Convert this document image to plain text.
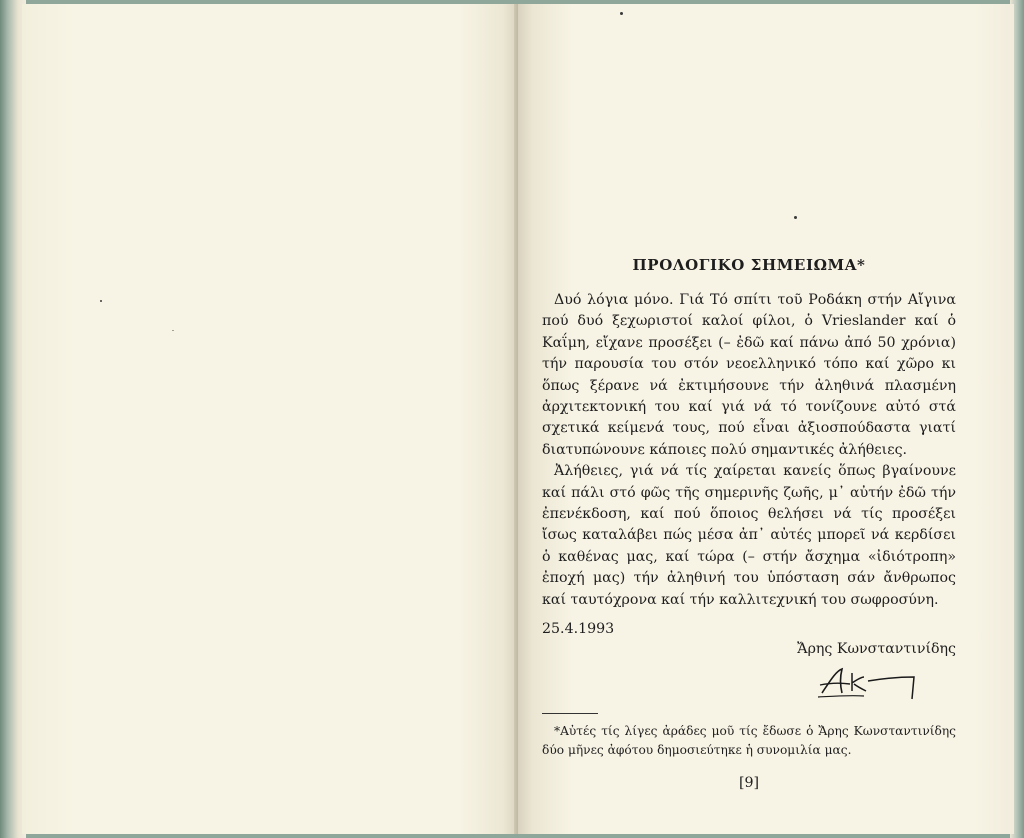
ΠΡΟΛΟΓΙΚΟ ΣΗΜΕΙΩΜΑ*

Δυό λόγια μόνο. Γιά Τό σπίτι τοῦ Ροδάκη στήν Αἴγινα πού δυό ξεχωριστοί καλοί φίλοι, ὁ Vrieslander καί ὁ Καΐμη, εἴχανε προσέξει (– ἐδῶ καί πάνω ἀπό 50 χρόνια) τήν παρουσία του στόν νεοελληνικό τόπο καί χῶρο κι ὅπως ξέρανε νά ἐκτιμήσουνε τήν ἀληθινά πλασμένη ἀρχιτεκτονική του καί γιά νά τό τονίζουνε αὐτό στά σχετικά κείμενά τους, πού εἶναι ἀξιοσπούδαστα γιατί διατυπώνουνε κάποιες πολύ σημαντικές ἀλήθειες.

Ἀλήθειες, γιά νά τίς χαίρεται κανείς ὅπως βγαίνουνε καί πάλι στό φῶς τῆς σημερινῆς ζωῆς, μ᾿ αὐτήν ἐδῶ τήν ἐπενέκδοση, καί πού ὅποιος θελήσει νά τίς προσέξει ἴσως καταλάβει πώς μέσα ἀπ᾿ αὐτές μπορεῖ νά κερδίσει ὁ καθένας μας, καί τώρα (– στήν ἄσχημα «ἰδιότροπη» ἐποχή μας) τήν ἀληθινή του ὑπόσταση σάν ἄνθρωπος καί ταυτόχρονα καί τήν καλλιτεχνική του σωφροσύνη.

25.4.1993
Ἄρης Κωνσταντινίδης

*Αὐτές τίς λίγες ἀράδες μοῦ τίς ἔδωσε ὁ Ἄρης Κωνσταντινίδης δύο μῆνες ἀφότου δημοσιεύτηκε ἡ συνομιλία μας.

[9]
